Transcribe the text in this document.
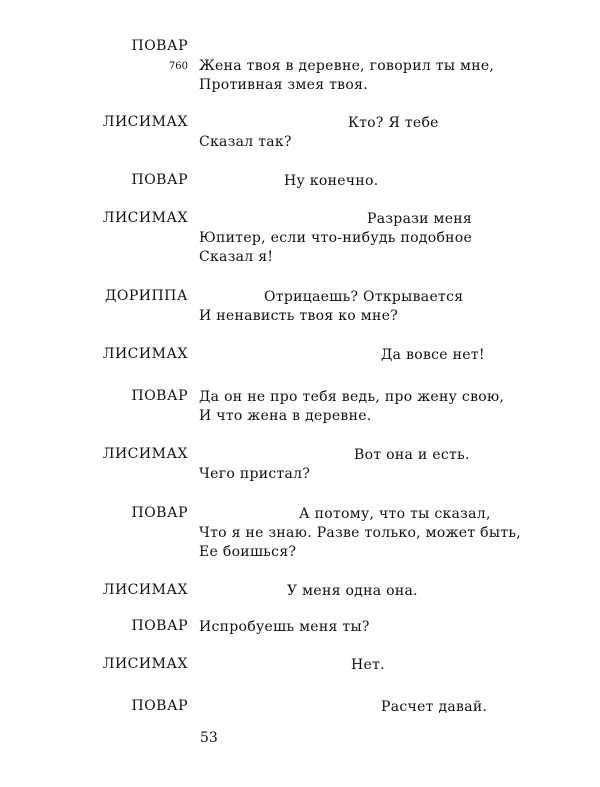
ПОВАР
760 Жена твоя в деревне, говорил ты мне,
Противная змея твоя.
ЛИСИМАХ	Кто? Я тебе
Сказал так?
ПОВАР	Ну конечно.
ЛИСИМАХ	Разрази меня
Юпитер, если что-нибудь подобное
Сказал я!
ДОРИППА	Отрицаешь? Открывается
И ненависть твоя ко мне?
ЛИСИМАХ	Да вовсе нет!
ПОВАР Да он не про тебя ведь, про жену свою,
И что жена в деревне.
ЛИСИМАХ	Вот она и есть.
Чего пристал?
ПОВАР	А потому, что ты сказал,
Что я не знаю. Разве только, может быть,
Ее боишься?
ЛИСИМАХ	У меня одна она.
ПОВАР Испробуешь меня ты?
ЛИСИМАХ	Нет.
ПОВАР	Расчет давай.
53
